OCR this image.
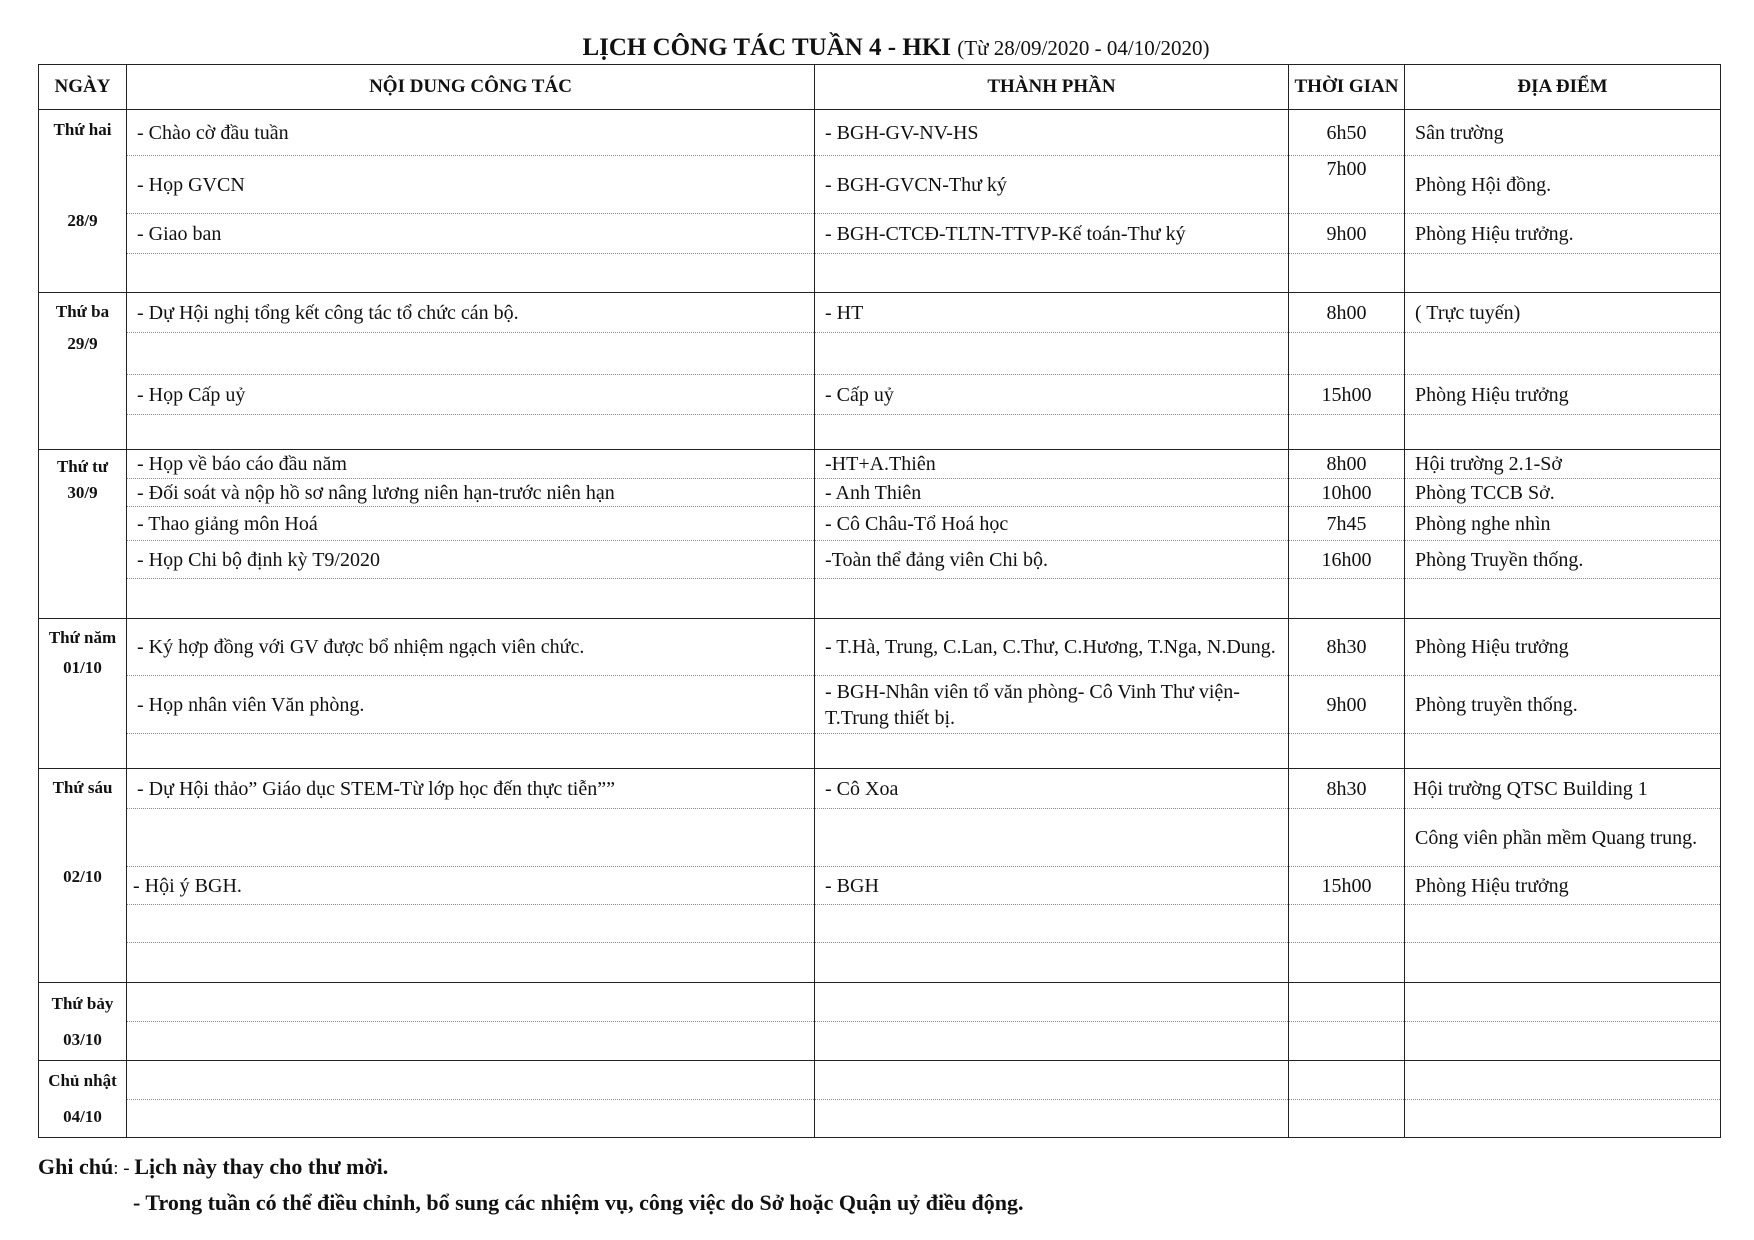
LỊCH CÔNG TÁC TUẦN 4 - HKI (Từ 28/09/2020 - 04/10/2020)
NGÀY	NỘI DUNG CÔNG TÁC	THÀNH PHẦN	THỜI GIAN	ĐỊA ĐIỂM

Thứ hai
28/9	- Chào cờ đầu tuần	- BGH-GV-NV-HS	6h50	Sân trường
	- Họp GVCN	- BGH-GVCN-Thư ký	7h00	Phòng Hội đồng.
	- Giao ban	- BGH-CTCĐ-TLTN-TTVP-Kế toán-Thư ký	9h00	Phòng Hiệu trưởng.

Thứ ba
29/9	- Dự Hội nghị tổng kết công tác tổ chức cán bộ.	- HT	8h00	( Trực tuyến)

	- Họp Cấp uỷ	- Cấp uỷ	15h00	Phòng Hiệu trưởng

Thứ tư
30/9	- Họp về báo cáo đầu năm	-HT+A.Thiên	8h00	Hội trường 2.1-Sở
	- Đối soát và nộp hồ sơ nâng lương niên hạn-trước niên hạn	- Anh Thiên	10h00	Phòng TCCB Sở.
	- Thao giảng môn Hoá	- Cô Châu-Tổ Hoá học	7h45	Phòng nghe nhìn
	- Họp Chi bộ định kỳ T9/2020	-Toàn thể đảng viên Chi bộ.	16h00	Phòng Truyền thống.

Thứ năm
01/10	- Ký hợp đồng với GV được bổ nhiệm ngạch viên chức.	- T.Hà, Trung, C.Lan, C.Thư, C.Hương, T.Nga, N.Dung.	8h30	Phòng Hiệu trưởng
	- Họp nhân viên Văn phòng.	- BGH-Nhân viên tổ văn phòng- Cô Vinh Thư viện-T.Trung thiết bị.	9h00	Phòng truyền thống.

Thứ sáu
02/10	- Dự Hội thảo” Giáo dục STEM-Từ lớp học đến thực tiễn””	- Cô Xoa	8h30	Hội trường QTSC Building 1
				Công viên phần mềm Quang trung.
	- Hội ý BGH.	- BGH	15h00	Phòng Hiệu trưởng

Thứ bảy
03/10				

Chủ nhật
04/10				

Ghi chú: - Lịch này thay cho thư mời.
- Trong tuần có thể điều chỉnh, bổ sung các nhiệm vụ, công việc do Sở hoặc Quận uỷ điều động.
